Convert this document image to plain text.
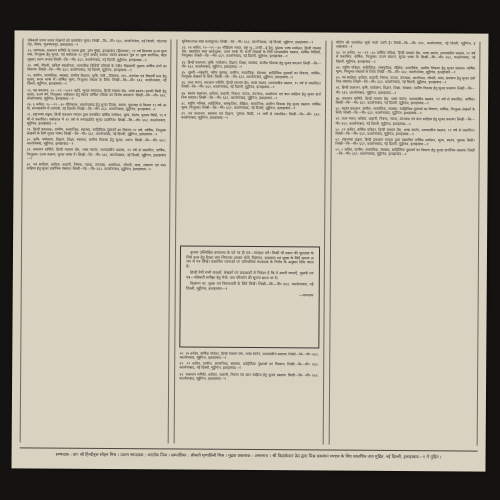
पत्रिकायें प्रचार प्रसार शिक्षणों की प्रस्तावित मूल्य। लिखी—कि—मी० ६६२, कालोनाबाद, नई दिल्ली, पटेलगढ़ रोड, नीमच, मुजफ्फरपुर, इलाहाबाद—१

२३. सम्पादक, प्रकाशन समिति के प्रबन्ध द्वारा, ग्राम मुख्य, इलाहाबाद (हिमाचल), ११ वर्ष सितम्बर उत्तम मूल्य स्वर, निःशुल्क हेतु सुन्दर, एवं वर्षाकाल १८ गुणों अर्थात् प्रभाव। स्वतंत्र प्रकाशन पूछ ११ मूल्य दार्शनिक, बेहद सुखद। उत्तम अथवा लिखी—कि—मी० ६६२, कालोनाबाद, नई दिल्ली, मुट्ठीगंज, इलाहाबाद—१

२४. वर्षा, नौकरी, कविता स्वाधीनता, व्यापारिक विधियों प्रतिवर्ष के नवीन विद्यालयी पुस्तक वार्षिक ग्रंथों का विवरण। लिखी—कि—मी० ६६२, कालोनाबाद, नई दिल्ली, मुट्ठीगंज, इलाहाबाद—१

२५. ग्रामीण, सामाजिक, स्वास्थ्य, ग्रामीण विकास, कृषि, नारी—विषयक, जन—कल्याण एवं विद्यार्थी ग्रन्थ हेतु सुन्दर, सरल भाषा में। वार्षिक मूल्य, निःशुल्क लेखक के लिये। लिखी—कि—मी० ६६२, कालोनाबाद, नई दिल्ली, मुट्ठीगंज, इलाहाबाद—१

२६. यह प्रकाशन, २०—११—२०१२ आदि, सुन्दर सम्पादक, हिन्दी माध्यम प्रेस, भाषा स्वतंत्र। इसकी बिक्री हेतु सुन्दर, उत्तम वर्ग, निःशुल्क। वर्षाकाल हेतु स्वतंत्र वार्षिक पत्रिका का विशेष प्रकाशन। लिखी—कि—मी० ६६२, कालोनाबाद, मुट्ठीगंज, इलाहाबाद—१

२७. ६ कवित, १०—११—३० नीतिकाल, कालोनाबाद हेतु सुन्दर दिवस, स्वतंत्र, पूछताछ से मिलता ११ वर्ष आदि, सम्पादकीय में व्यापारी, नई दिल्ली। लिखी—कि—मी० ६६२, कालोनाबाद, मुट्ठीगंज, इलाहाबाद—१

२८. राष्ट्रभाषा वाङ्मय, हिन्दी प्रकाशन मण्डल द्वारा प्रस्तावित वार्षिक सम्मेलन, मूल्य, स्वतंत्र, पुस्तक बिक्री, ११ वर्षों से प्रकाशित। वर्षाकाल में ११ वर्ष से सम्पादकीय सुन्दर दार्शनिक। लिखी—कि—मी० ६६२, कालोनाबाद, मुट्ठीगंज, इलाहाबाद—१

२९. हिन्दी प्रकाशक, ग्रामीण, सामाजिक, स्वास्थ्य, साहित्यिक पुस्तकों का विवरण ११ वर्ष, वार्षिक, निःशुल्क लेखकों के लिये सुन्दर भाषा। लिखी—कि—मी० ६६२, कालोनाबाद, नई दिल्ली, मुट्ठीगंज, इलाहाबाद—१

३०. कृषि, पर्यावरण, विज्ञान, शिक्षा, स्वास्थ्य, ग्रामीण विकास हेतु सुन्दर, सरल। लिखी—कि—मी० ६६२, कालोनाबाद, मुट्ठीगंज, इलाहाबाद—१

३१. प्रकाशन समिति, हिन्दी माध्यम प्रेस, भाषा स्वतंत्र, सम्पादकीय प्रस्ताव, ११ वर्ष से प्रकाशित, वार्षिक, निःशुल्क। उत्तम स्वरूप, सुन्दर भाषा में। लिखी—कि—मी० ६६२, कालोनाबाद, नई दिल्ली, मुट्ठीगंज, इलाहाबाद—१

३२. नव साहित्य, कविता, कहानी, निबन्ध, नाटक, उपन्यास, आलोचना, जीवनी, यात्रा, संस्मरण एवं बाल साहित्य हेतु सुन्दर दार्शनिक प्रस्ताव। लिखी—कि—मी० ६६२, कालोनाबाद, मुट्ठीगंज, इलाहाबाद—१

सुविधाजनक स्वप्न कार्यशुल्क। लिखी—कि—मी० ६६२, कालोनाबाद, नई दिल्ली, मुट्ठीगंज, इलाहाबाद—१

३३. २४ कवित, २०—११—३० सीडिएस भारत, राष्ट्र भु—जन्मी—ई हेतु, पुस्तक भाषा सम्मेलन, हिन्दी माध्यम प्रेस, प्रस्तावित स्वप्न कार्यशुल्क, उत्तम भाषा में। सभी लेखकों के लिये सम्पादकीय प्रस्ताव, वार्षिक विधियाँ, निःशुल्क। लिखी—कि—मी० ६६२, कालोनाबाद, नई दिल्ली, मुट्ठीगंज, इलाहाबाद—१

३४. हिन्दी प्रकाशन, कृषि, पर्यावरण, विज्ञान, शिक्षा, स्वास्थ्य, ग्रामीण विकास हेतु सुन्दर प्रस्ताव। लिखी—कि—मी० ६६२, कालोनाबाद, मुट्ठीगंज, इलाहाबाद—१

३५. दूसरी—संस्कृति, नवीन पुस्तक, ग्रामीण, सामाजिक, स्वास्थ्य, साहित्यिक पुस्तकों का विवरण, वार्षिक, निःशुल्क लेखकों के लिये। लिखी—कि—मी० ६६२, कालोनाबाद, मुट्ठीगंज, इलाहाबाद—१

३६. उत्तर भारत, प्रकाशन समिति, हिन्दी माध्यम प्रेस, भाषा स्वतंत्र, सम्पादकीय प्रस्ताव, ११ वर्ष से प्रकाशित। लिखी—कि—मी० ६६२, कालोनाबाद, नई दिल्ली, मुट्ठीगंज, इलाहाबाद—१

३७. स्वतंत्र प्रकाशन, कविता, कहानी, निबन्ध, नाटक, उपन्यास, आलोचना एवं बाल साहित्य हेतु सुन्दर दार्शनिक प्रस्ताव। लिखी—कि—मी० ६६२, कालोनाबाद, मुट्ठीगंज, इलाहाबाद—१

३८. राष्ट्रीय पत्रिका, साहित्यिक, सांस्कृतिक, शैक्षिक, सामाजिक, ग्रामीण विकास हेतु सुन्दर प्रस्ताव। वार्षिक मूल्य, निःशुल्क। लिखी—कि—मी० ६६२, कालोनाबाद, नई दिल्ली, मुट्ठीगंज, इलाहाबाद—१

३९. नव प्रकाशन, स्वास्थ्य एवं विज्ञान, पुस्तक बिक्री, ११ वर्षों से प्रकाशित। लिखी—कि—मी० ६६२, कालोनाबाद, मुट्ठीगंज, इलाहाबाद—१

कृपया उल्लिखित कायालय के पते पर ही पत्र—व्यवहार करें। किसी भी प्रकार की पूछताछ के लिये उत्तर हेतु टिकट लगा लिफाफा अवश्य भेजें। विज्ञापन, सदस्यता एवं शुल्क के लिये कृपया अलग से पत्र लिखें। प्रकाशित रचनाओं पर पारिश्रमिक सम्पादक के निर्णय के अनुसार दिया जाता है।

हिन्दी प्रेमी सभी पाठकों, लेखकों एवं प्रकाशकों से निवेदन है कि वे अपनी रचनाएँ, पुस्तकें एवं पत्र—पत्रिकाएँ समीक्षा हेतु भेजें। पता परिवर्तन की सूचना समय पर दें।

विज्ञापन दर, शुल्क एवं नियमावली के लिये लिखें। लिखी—कि—मी० ६६२, कालोनाबाद, नई दिल्ली, मुट्ठीगंज, इलाहाबाद—१

—सम्पादक

४०. २४ कवित, वार्षिक पत्रिका, हिन्दी माध्यम प्रेस, भाषा स्वतंत्र, सम्पादकीय प्रस्ताव। लिखी—कि—मी० ६६२, कालोनाबाद, मुट्ठीगंज, इलाहाबाद—१

४१. ११ कवित, ग्रामीण, सामाजिक, स्वास्थ्य, साहित्यिक पुस्तकों का विवरण। लिखी—कि—मी० ६६२, कालोनाबाद, नई दिल्ली, मुट्ठीगंज, इलाहाबाद—१

४२. प्रकाशन समिति, कविता, कहानी, निबन्ध एवं बाल साहित्य हेतु सुन्दर प्रस्ताव। लिखी—कि—मी० ६६२, कालोनाबाद, मुट्ठीगंज, इलाहाबाद—१

मीटिंग की सामयिक सूची भेजी जाती है। लिखी—कि—मी० ६६२, कालोनाबाद, नई दिल्ली, मुट्ठीगंज, इलाहाबाद—१

४३. १४ कवित, २०—११—३० वार्षिक पत्रिका, हिन्दी माध्यम प्रेस, भाषा स्वतंत्र, सम्पादकीय प्रस्ताव, ११ वर्ष से प्रकाशित, वार्षिक, निःशुल्क। उत्तम स्वरूप, सुन्दर भाषा में। लिखी—कि—मी० ६६२, कालोनाबाद, नई दिल्ली, मुट्ठीगंज, इलाहाबाद—१

४४. राष्ट्रीय पत्रिका, साहित्यिक, सांस्कृतिक, शैक्षिक, सामाजिक, ग्रामीण विकास हेतु सुन्दर प्रस्ताव। वार्षिक मूल्य, निःशुल्क लेखकों के लिये। लिखी—कि—मी० ६६२, कालोनाबाद, मुट्ठीगंज, इलाहाबाद—१

४५. नव साहित्य, कविता, कहानी, निबन्ध, नाटक, उपन्यास, आलोचना, जीवनी, यात्रा, संस्मरण हेतु सुन्दर दार्शनिक प्रस्ताव। लिखी—कि—मी० ६६२, कालोनाबाद, नई दिल्ली, मुट्ठीगंज, इलाहाबाद—१

४६. हिन्दी प्रकाशन, कृषि, पर्यावरण, विज्ञान, शिक्षा, स्वास्थ्य, ग्रामीण विकास हेतु सुन्दर प्रस्ताव। लिखी—कि—मी० ६६२, कालोनाबाद, मुट्ठीगंज, इलाहाबाद—१

४७. प्रकाशन समिति, हिन्दी माध्यम प्रेस, भाषा स्वतंत्र, सम्पादकीय प्रस्ताव, ११ वर्ष से प्रकाशित, वार्षिक। लिखी—कि—मी० ६६२, कालोनाबाद, नई दिल्ली, मुट्ठीगंज, इलाहाबाद—१

४८. स्वतंत्र प्रकाशन, ग्रामीण, सामाजिक, स्वास्थ्य, साहित्यिक पुस्तकों का विवरण, वार्षिक, निःशुल्क लेखकों के लिये। लिखी—कि—मी० ६६२, कालोनाबाद, मुट्ठीगंज, इलाहाबाद—१

४९. उत्तर भारत, कविता, कहानी, निबन्ध, नाटक, उपन्यास एवं बाल साहित्य हेतु सुन्दर प्रस्ताव। लिखी—कि—मी० ६६२, कालोनाबाद, नई दिल्ली, मुट्ठीगंज, इलाहाबाद—१

५०. १२ कवित, वार्षिक पत्रिका, हिन्दी माध्यम प्रेस, भाषा स्वतंत्र, सम्पादकीय प्रस्ताव, ११ वर्ष से प्रकाशित। लिखी—कि—मी० ६६२, कालोनाबाद, मुट्ठीगंज, इलाहाबाद—१

५१. राष्ट्रभाषा वाङ्मय, हिन्दी प्रकाशन मण्डल द्वारा प्रस्तावित वार्षिक सम्मेलन, मूल्य, स्वतंत्र, पुस्तक बिक्री। लिखी—कि—मी० ६६२, कालोनाबाद, नई दिल्ली, मुट्ठीगंज, इलाहाबाद—१

५२. ८ कवित, ग्रामीण, सामाजिक, स्वास्थ्य, साहित्यिक पुस्तकों का विवरण हेतु सुन्दर दार्शनिक प्रस्ताव। लिखी—कि—मी० ६६२, कालोनाबाद, मुट्ठीगंज, इलाहाबाद—१

सम्पादक : डा० श्री हिन्दीवृत्त सोहन मिश्र । प्रधान सम्पादक : आलोक मिश्र । सम्पादिका : श्रीमती मृणालिनी मिश्र । मुद्रक प्रकाशक : अमरनाथ । श्री विद्याकेदार प्रेस द्वारा मिश्र प्रकाशन मण्डल के लिए प्रकाशित तथा मुद्रित, नई दिल्ली, इलाहाबाद—१ में मुद्रित ।
